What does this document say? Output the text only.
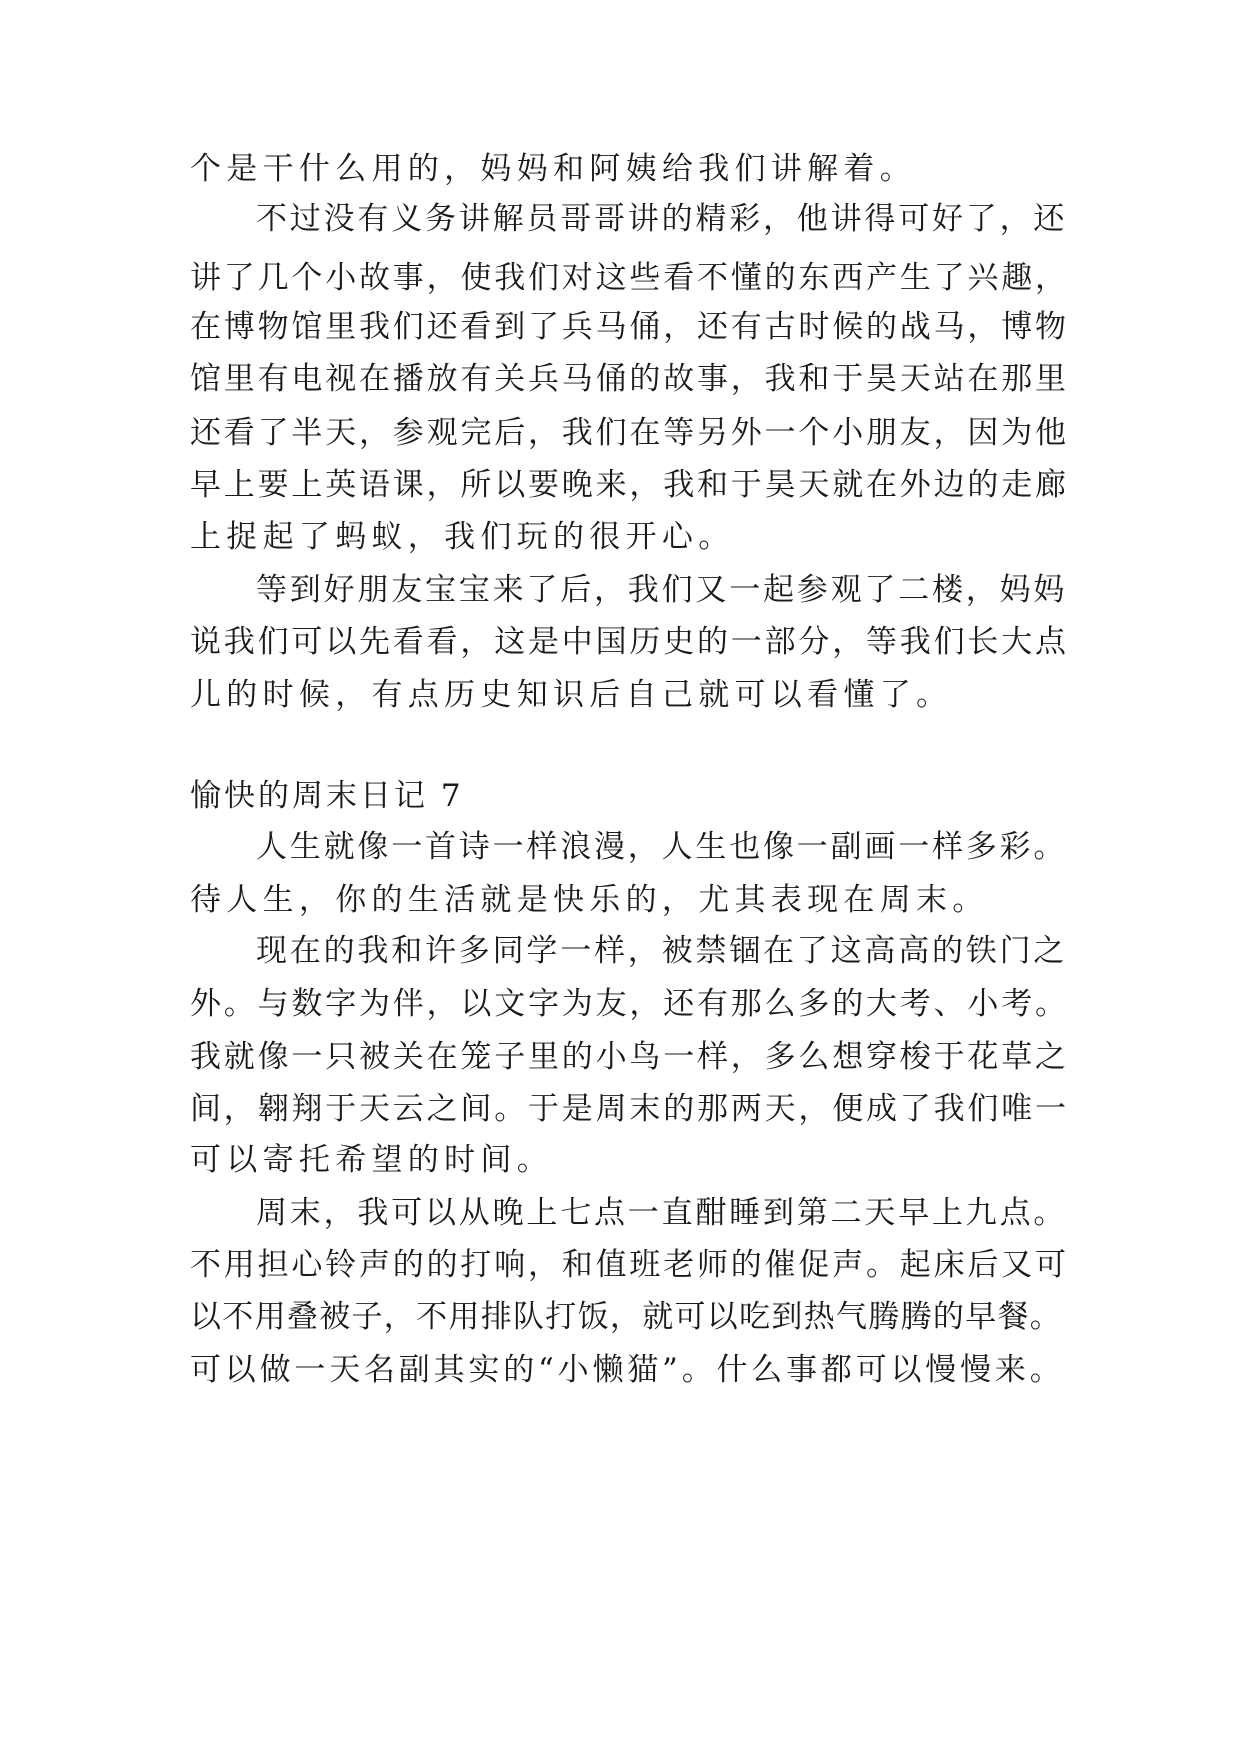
个是干什么用的，妈妈和阿姨给我们讲解着。
不过没有义务讲解员哥哥讲的精彩，他讲得可好了，还
讲了几个小故事，使我们对这些看不懂的东西产生了兴趣，
在博物馆里我们还看到了兵马俑，还有古时候的战马，博物
馆里有电视在播放有关兵马俑的故事，我和于昊天站在那里
还看了半天，参观完后，我们在等另外一个小朋友，因为他
早上要上英语课，所以要晚来，我和于昊天就在外边的走廊
上捉起了蚂蚁，我们玩的很开心。
等到好朋友宝宝来了后，我们又一起参观了二楼，妈妈
说我们可以先看看，这是中国历史的一部分，等我们长大点
儿的时候，有点历史知识后自己就可以看懂了。
愉快的周末日记 7
人生就像一首诗一样浪漫，人生也像一副画一样多彩。
待人生，你的生活就是快乐的，尤其表现在周末。
现在的我和许多同学一样，被禁锢在了这高高的铁门之
外。与数字为伴，以文字为友，还有那么多的大考、小考。
我就像一只被关在笼子里的小鸟一样，多么想穿梭于花草之
间，翱翔于天云之间。于是周末的那两天，便成了我们唯一
可以寄托希望的时间。
周末，我可以从晚上七点一直酣睡到第二天早上九点。
不用担心铃声的的打响，和值班老师的催促声。起床后又可
以不用叠被子，不用排队打饭，就可以吃到热气腾腾的早餐。
可以做一天名副其实的“小懒猫”。什么事都可以慢慢来。
